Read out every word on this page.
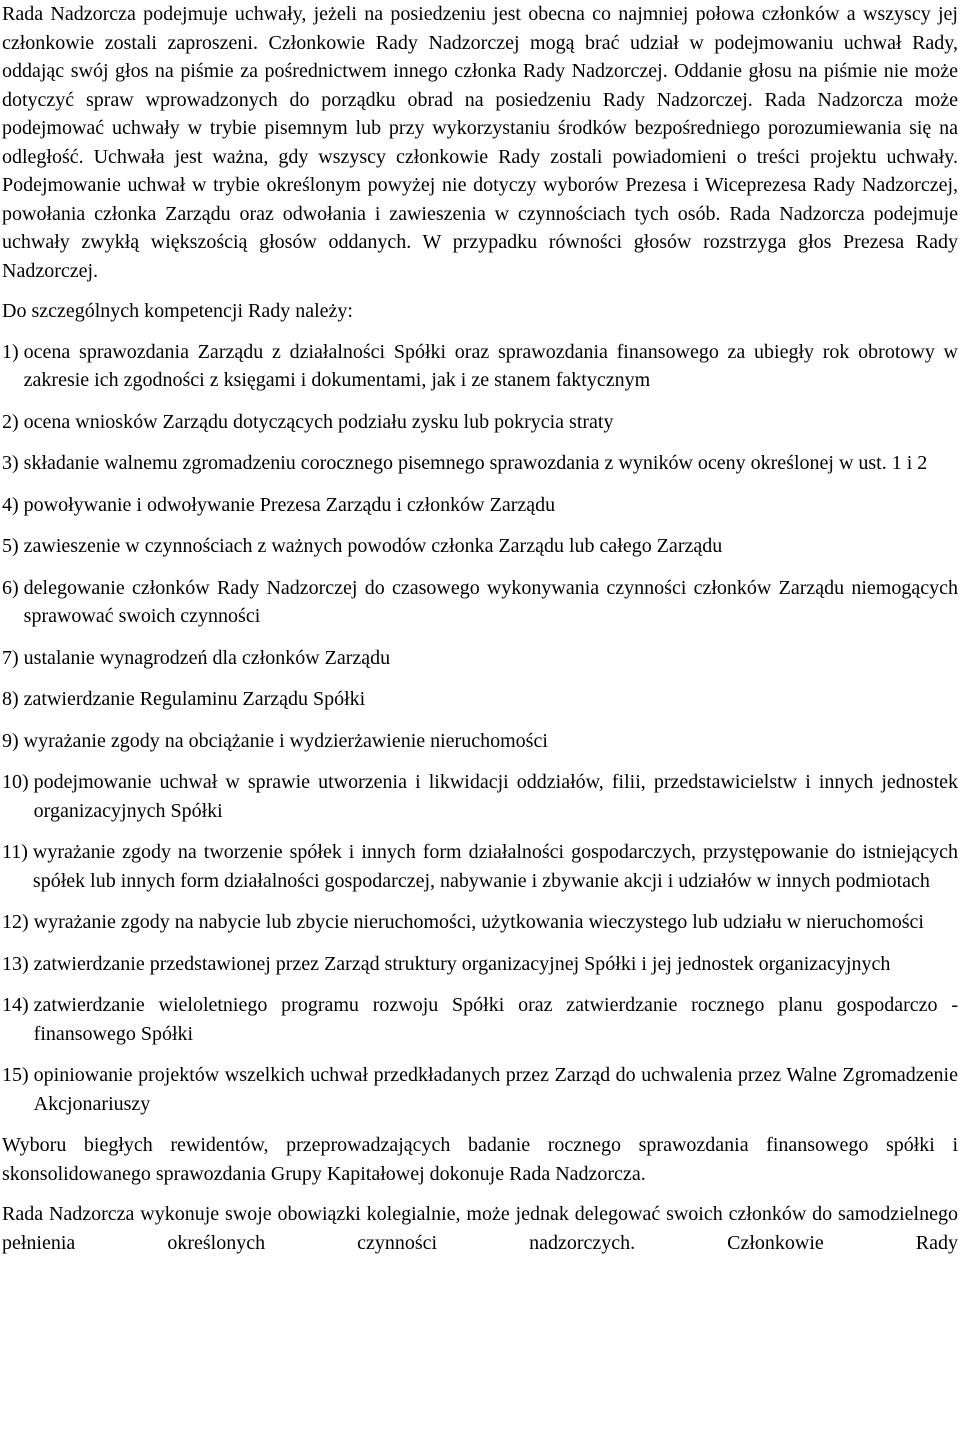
Rada Nadzorcza podejmuje uchwały, jeżeli na posiedzeniu jest obecna co najmniej połowa członków a wszyscy jej członkowie zostali zaproszeni. Członkowie Rady Nadzorczej mogą brać udział w podejmowaniu uchwał Rady, oddając swój głos na piśmie za pośrednictwem innego członka Rady Nadzorczej. Oddanie głosu na piśmie nie może dotyczyć spraw wprowadzonych do porządku obrad na posiedzeniu Rady Nadzorczej. Rada Nadzorcza może podejmować uchwały w trybie pisemnym lub przy wykorzystaniu środków bezpośredniego porozumiewania się na odległość. Uchwała jest ważna, gdy wszyscy członkowie Rady zostali powiadomieni o treści projektu uchwały. Podejmowanie uchwał w trybie określonym powyżej nie dotyczy wyborów Prezesa i Wiceprezesa Rady Nadzorczej, powołania członka Zarządu oraz odwołania i zawieszenia w czynnościach tych osób. Rada Nadzorcza podejmuje uchwały zwykłą większością głosów oddanych. W przypadku równości głosów rozstrzyga głos Prezesa Rady Nadzorczej.

Do szczególnych kompetencji Rady należy:

1) ocena sprawozdania Zarządu z działalności Spółki oraz sprawozdania finansowego za ubiegły rok obrotowy w zakresie ich zgodności z księgami i dokumentami, jak i ze stanem faktycznym
2) ocena wniosków Zarządu dotyczących podziału zysku lub pokrycia straty
3) składanie walnemu zgromadzeniu corocznego pisemnego sprawozdania z wyników oceny określonej w ust. 1 i 2
4) powoływanie i odwoływanie Prezesa Zarządu i członków Zarządu
5) zawieszenie w czynnościach z ważnych powodów członka Zarządu lub całego Zarządu
6) delegowanie członków Rady Nadzorczej do czasowego wykonywania czynności członków Zarządu niemogących sprawować swoich czynności
7) ustalanie wynagrodzeń dla członków Zarządu
8) zatwierdzanie Regulaminu Zarządu Spółki
9) wyrażanie zgody na obciążanie i wydzierżawienie nieruchomości
10) podejmowanie uchwał w sprawie utworzenia i likwidacji oddziałów, filii, przedstawicielstw i innych jednostek organizacyjnych Spółki
11) wyrażanie zgody na tworzenie spółek i innych form działalności gospodarczych, przystępowanie do istniejących spółek lub innych form działalności gospodarczej, nabywanie i zbywanie akcji i udziałów w innych podmiotach
12) wyrażanie zgody na nabycie lub zbycie nieruchomości, użytkowania wieczystego lub udziału w nieruchomości
13) zatwierdzanie przedstawionej przez Zarząd struktury organizacyjnej Spółki i jej jednostek organizacyjnych
14) zatwierdzanie wieloletniego programu rozwoju Spółki oraz zatwierdzanie rocznego planu gospodarczo - finansowego Spółki
15) opiniowanie projektów wszelkich uchwał przedkładanych przez Zarząd do uchwalenia przez Walne Zgromadzenie Akcjonariuszy

Wyboru biegłych rewidentów, przeprowadzających badanie rocznego sprawozdania finansowego spółki i skonsolidowanego sprawozdania Grupy Kapitałowej dokonuje Rada Nadzorcza.

Rada Nadzorcza wykonuje swoje obowiązki kolegialnie, może jednak delegować swoich członków do samodzielnego pełnienia określonych czynności nadzorczych. Członkowie Rady
